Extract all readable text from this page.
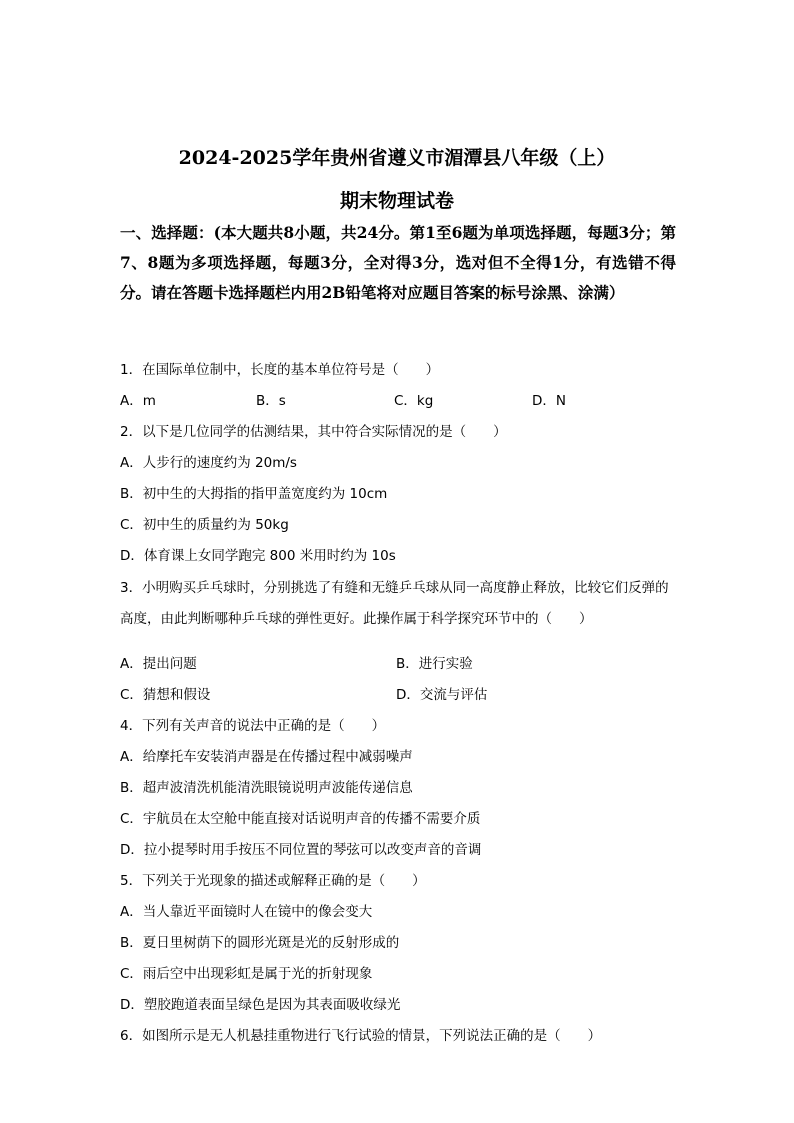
2024-2025学年贵州省遵义市湄潭县八年级（上）
期末物理试卷
一、选择题：(本大题共8小题，共24分。第1至6题为单项选择题，每题3分；第7、8题为多项选择题，每题3分，全对得3分，选对但不全得1分，有选错不得分。请在答题卡选择题栏内用2B铅笔将对应题目答案的标号涂黑、涂满）
1．在国际单位制中，长度的基本单位符号是（　　）
A．m	B．s	C．kg	D．N
2．以下是几位同学的估测结果，其中符合实际情况的是（　　）
A．人步行的速度约为 20m/s
B．初中生的大拇指的指甲盖宽度约为 10cm
C．初中生的质量约为 50kg
D．体育课上女同学跑完 800 米用时约为 10s
3．小明购买乒乓球时，分别挑选了有缝和无缝乒乓球从同一高度静止释放，比较它们反弹的高度，由此判断哪种乒乓球的弹性更好。此操作属于科学探究环节中的（　　）
A．提出问题	B．进行实验
C．猜想和假设	D．交流与评估
4．下列有关声音的说法中正确的是（　　）
A．给摩托车安装消声器是在传播过程中减弱噪声
B．超声波清洗机能清洗眼镜说明声波能传递信息
C．宇航员在太空舱中能直接对话说明声音的传播不需要介质
D．拉小提琴时用手按压不同位置的琴弦可以改变声音的音调
5．下列关于光现象的描述或解释正确的是（　　）
A．当人靠近平面镜时人在镜中的像会变大
B．夏日里树荫下的圆形光斑是光的反射形成的
C．雨后空中出现彩虹是属于光的折射现象
D．塑胶跑道表面呈绿色是因为其表面吸收绿光
6．如图所示是无人机悬挂重物进行飞行试验的情景，下列说法正确的是（　　）
